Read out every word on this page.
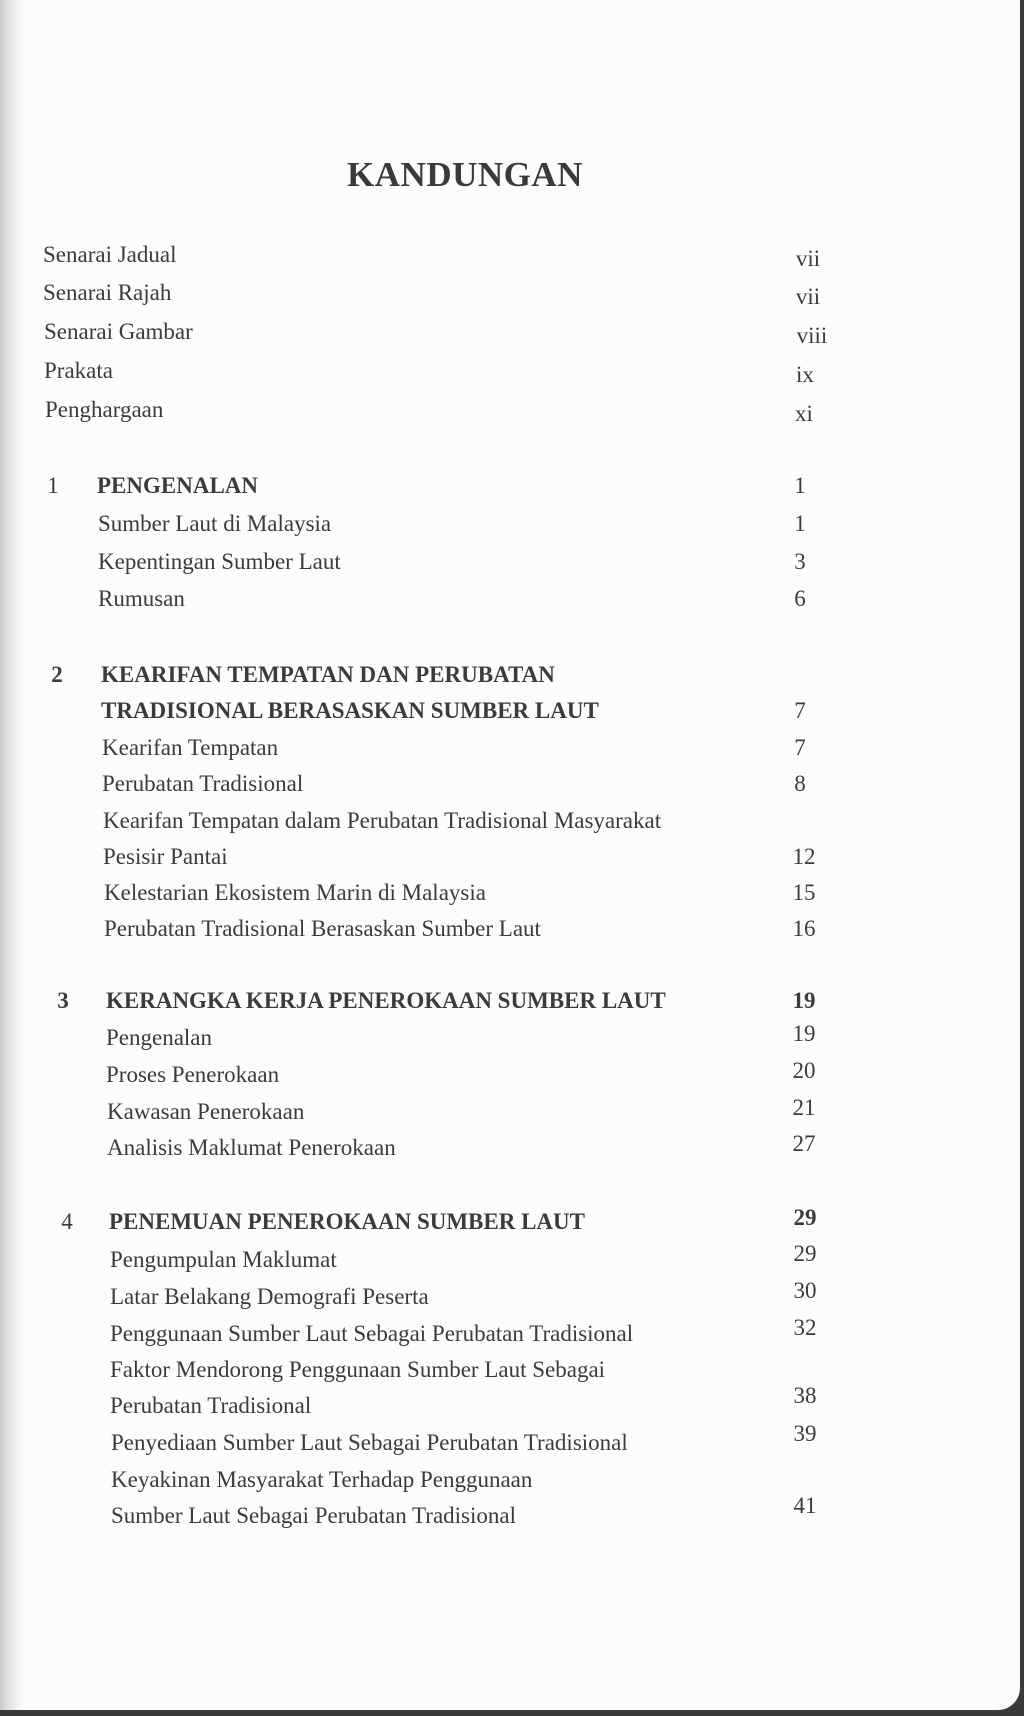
KANDUNGAN
Senarai Jadual	vii
Senarai Rajah	vii
Senarai Gambar	viii
Prakata	ix
Penghargaan	xi
1	PENGENALAN	1
Sumber Laut di Malaysia	1
Kepentingan Sumber Laut	3
Rumusan	6
2	KEARIFAN TEMPATAN DAN PERUBATAN
TRADISIONAL BERASASKAN SUMBER LAUT	7
Kearifan Tempatan	7
Perubatan Tradisional	8
Kearifan Tempatan dalam Perubatan Tradisional Masyarakat
Pesisir Pantai	12
Kelestarian Ekosistem Marin di Malaysia	15
Perubatan Tradisional Berasaskan Sumber Laut	16
3	KERANGKA KERJA PENEROKAAN SUMBER LAUT	19
Pengenalan	19
Proses Penerokaan	20
Kawasan Penerokaan	21
Analisis Maklumat Penerokaan	27
4	PENEMUAN PENEROKAAN SUMBER LAUT	29
Pengumpulan Maklumat	29
Latar Belakang Demografi Peserta	30
Penggunaan Sumber Laut Sebagai Perubatan Tradisional	32
Faktor Mendorong Penggunaan Sumber Laut Sebagai
Perubatan Tradisional	38
Penyediaan Sumber Laut Sebagai Perubatan Tradisional	39
Keyakinan Masyarakat Terhadap Penggunaan
Sumber Laut Sebagai Perubatan Tradisional	41
